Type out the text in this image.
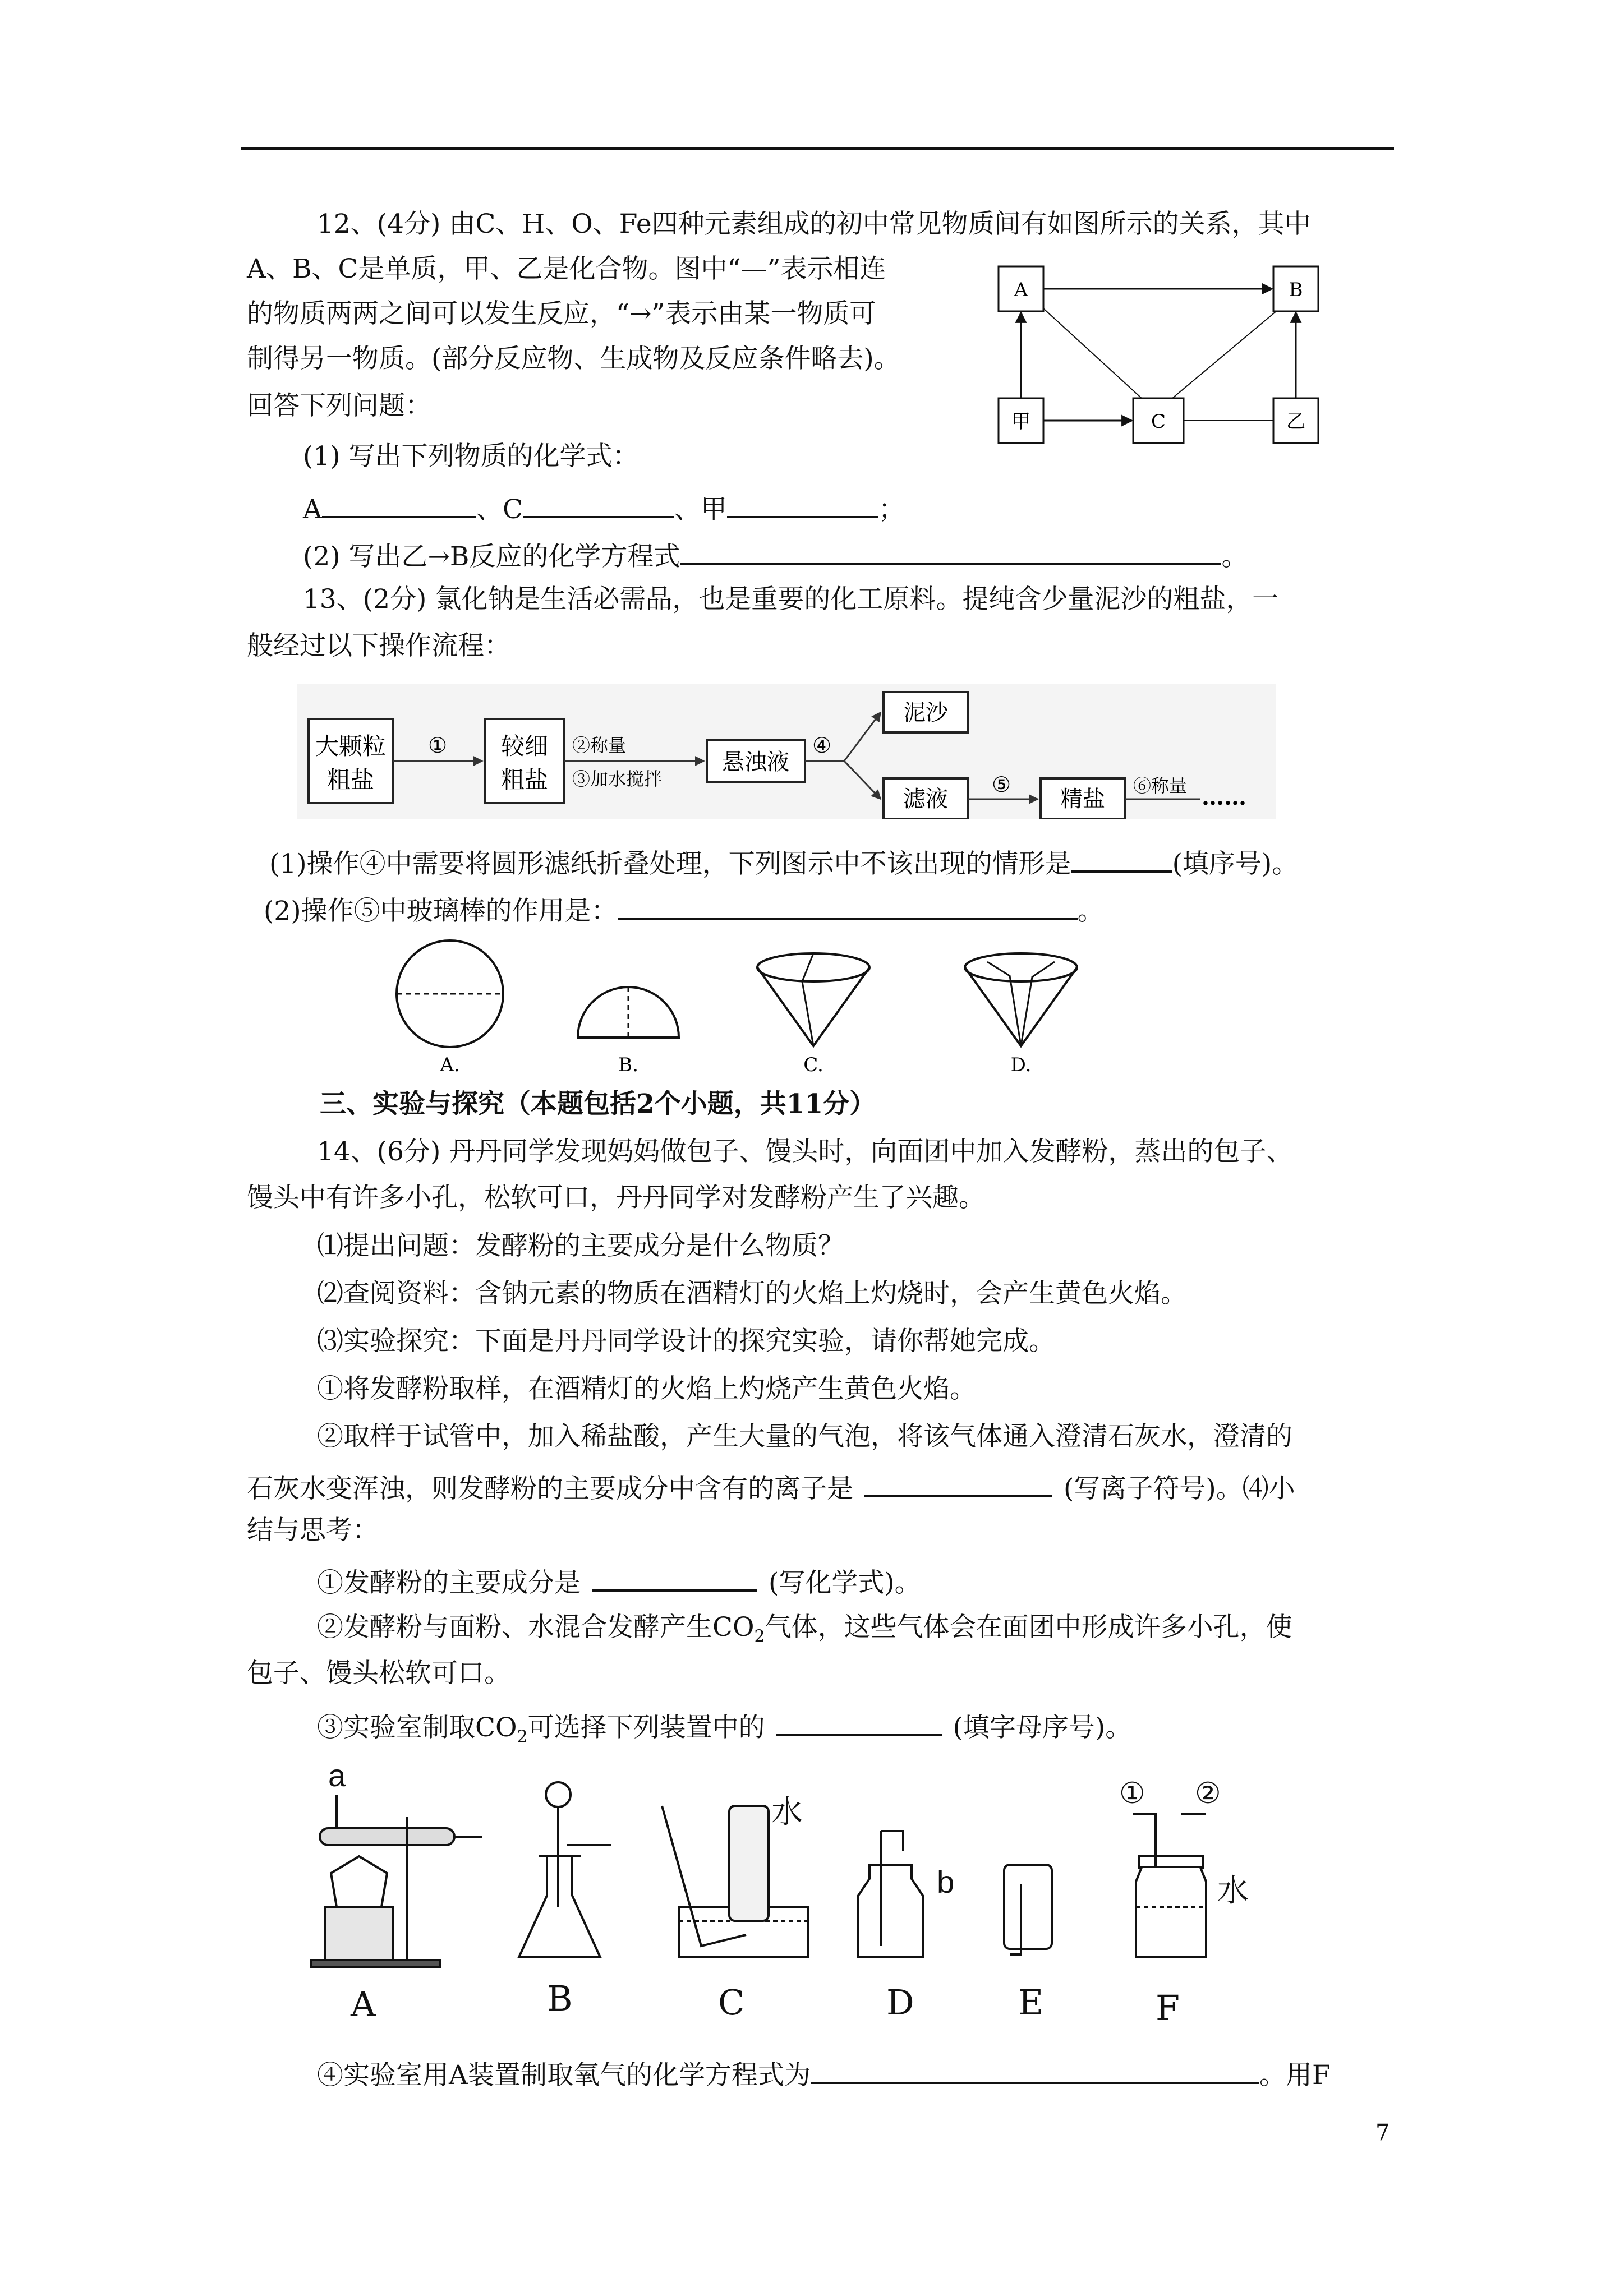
12、(4分) 由C、H、O、Fe四种元素组成的初中常见物质间有如图所示的关系，其中
A、B、C是单质，甲、乙是化合物。图中“—”表示相连
的物质两两之间可以发生反应，“→”表示由某一物质可
制得另一物质。(部分反应物、生成物及反应条件略去)。
回答下列问题：
(1) 写出下列物质的化学式：
A	、C	、甲	；
(2) 写出乙→B反应的化学方程式	。
A	B
甲	C	乙
13、(2分) 氯化钠是生活必需品，也是重要的化工原料。提纯含少量泥沙的粗盐，一
般经过以下操作流程：
大颗粒
粗盐
① 较细
粗盐
②称量
③加水搅拌
悬浊液
④
泥沙
滤液
⑤
精盐
⑥称量 ……
(1)操作④中需要将圆形滤纸折叠处理，下列图示中不该出现的情形是	(填序号)。
(2)操作⑤中玻璃棒的作用是：	。
A.	B.	C.	D.
三、实验与探究（本题包括2个小题，共11分）
14、(6分) 丹丹同学发现妈妈做包子、馒头时，向面团中加入发酵粉，蒸出的包子、
馒头中有许多小孔，松软可口，丹丹同学对发酵粉产生了兴趣。
⑴提出问题：发酵粉的主要成分是什么物质？
⑵查阅资料：含钠元素的物质在酒精灯的火焰上灼烧时，会产生黄色火焰。
⑶实验探究：下面是丹丹同学设计的探究实验，请你帮她完成。
①将发酵粉取样，在酒精灯的火焰上灼烧产生黄色火焰。
②取样于试管中，加入稀盐酸，产生大量的气泡，将该气体通入澄清石灰水，澄清的
石灰水变浑浊，则发酵粉的主要成分中含有的离子是	(写离子符号)。⑷小
结与思考：
①发酵粉的主要成分是	(写化学式)。
②发酵粉与面粉、水混合发酵产生$CO_2$气体，这些气体会在面团中形成许多小孔，使
包子、馒头松软可口。
③实验室制取$CO_2$可选择下列装置中的	(填字母序号)。
a
水
b
① ②
水
A	B	C	D	E	F
④实验室用A装置制取氧气的化学方程式为	。用F
7
